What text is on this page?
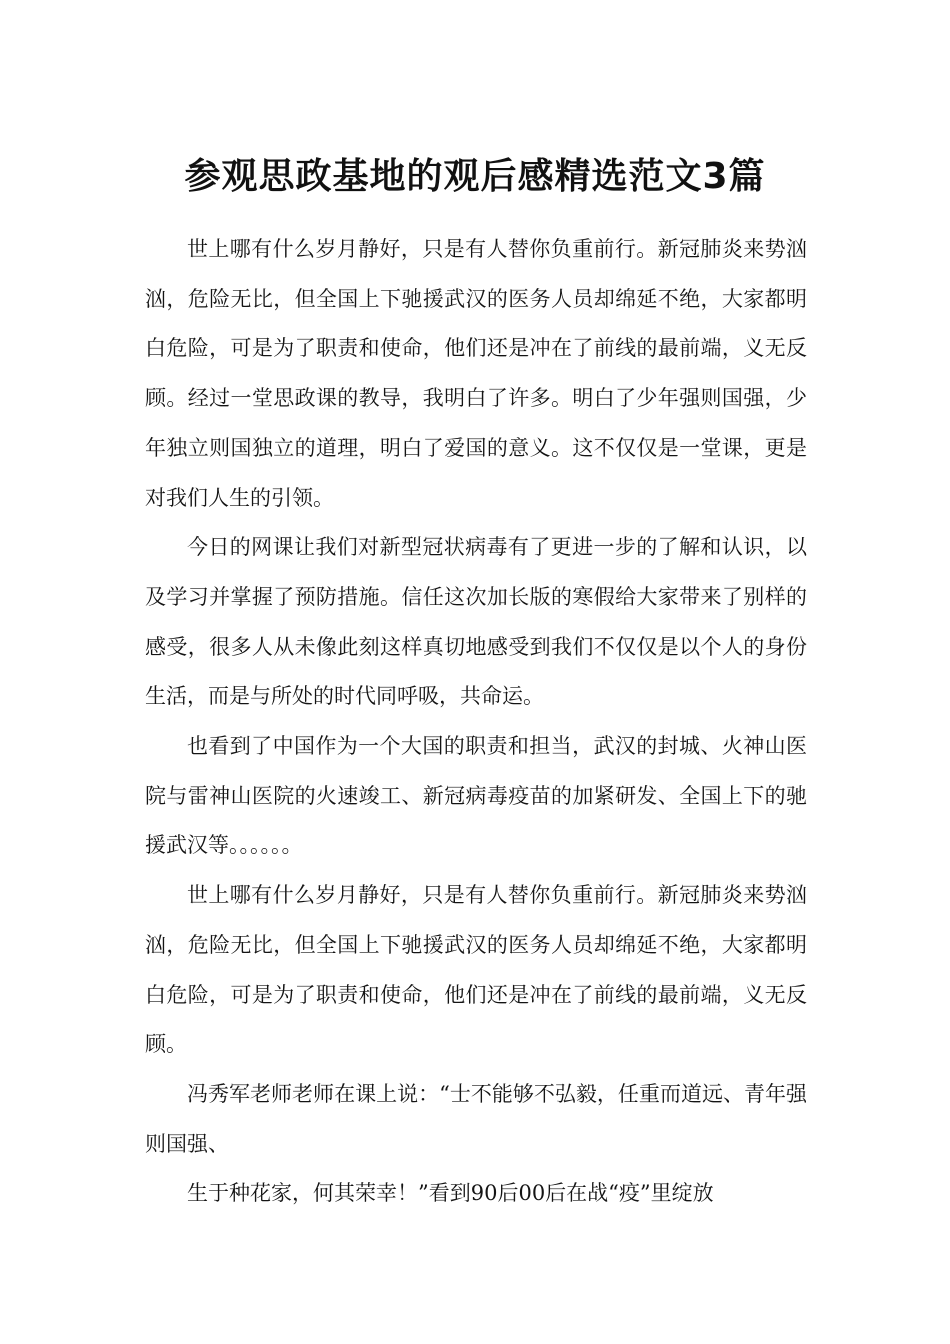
参观思政基地的观后感精选范文3篇

世上哪有什么岁月静好，只是有人替你负重前行。新冠肺炎来势汹汹，危险无比，但全国上下驰援武汉的医务人员却绵延不绝，大家都明白危险，可是为了职责和使命，他们还是冲在了前线的最前端，义无反顾。经过一堂思政课的教导，我明白了许多。明白了少年强则国强，少年独立则国独立的道理，明白了爱国的意义。这不仅仅是一堂课，更是对我们人生的引领。

今日的网课让我们对新型冠状病毒有了更进一步的了解和认识，以及学习并掌握了预防措施。信任这次加长版的寒假给大家带来了别样的感受，很多人从未像此刻这样真切地感受到我们不仅仅是以个人的身份生活，而是与所处的时代同呼吸，共命运。

也看到了中国作为一个大国的职责和担当，武汉的封城、火神山医院与雷神山医院的火速竣工、新冠病毒疫苗的加紧研发、全国上下的驰援武汉等。。。。。。

世上哪有什么岁月静好，只是有人替你负重前行。新冠肺炎来势汹汹，危险无比，但全国上下驰援武汉的医务人员却绵延不绝，大家都明白危险，可是为了职责和使命，他们还是冲在了前线的最前端，义无反顾。

冯秀军老师老师在课上说：“士不能够不弘毅，任重而道远、青年强则国强、

生于种花家，何其荣幸！”看到90后00后在战“疫”里绽放
